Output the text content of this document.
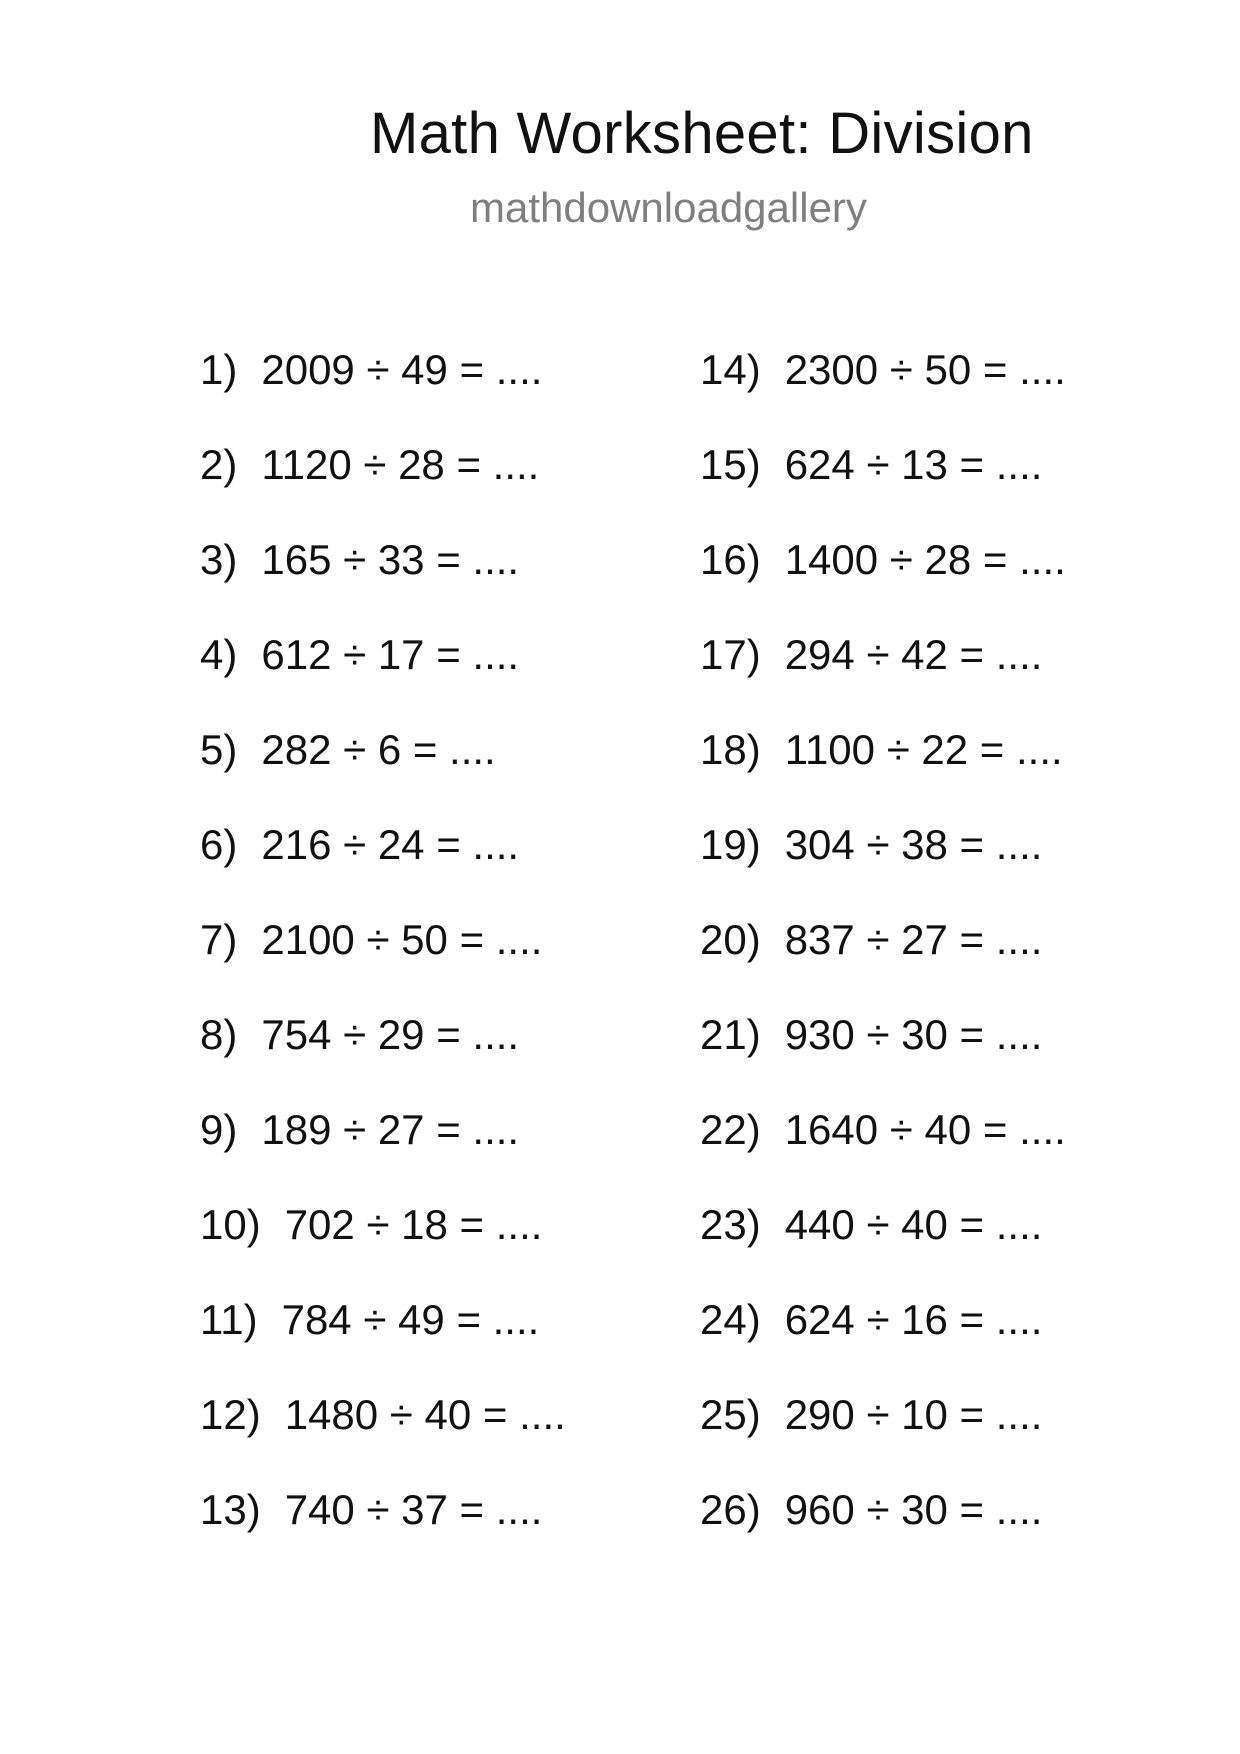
Math Worksheet: Division
mathdownloadgallery
1) 2009 ÷ 49 = ....
2) 1120 ÷ 28 = ....
3) 165 ÷ 33 = ....
4) 612 ÷ 17 = ....
5) 282 ÷ 6 = ....
6) 216 ÷ 24 = ....
7) 2100 ÷ 50 = ....
8) 754 ÷ 29 = ....
9) 189 ÷ 27 = ....
10) 702 ÷ 18 = ....
11) 784 ÷ 49 = ....
12) 1480 ÷ 40 = ....
13) 740 ÷ 37 = ....
14) 2300 ÷ 50 = ....
15) 624 ÷ 13 = ....
16) 1400 ÷ 28 = ....
17) 294 ÷ 42 = ....
18) 1100 ÷ 22 = ....
19) 304 ÷ 38 = ....
20) 837 ÷ 27 = ....
21) 930 ÷ 30 = ....
22) 1640 ÷ 40 = ....
23) 440 ÷ 40 = ....
24) 624 ÷ 16 = ....
25) 290 ÷ 10 = ....
26) 960 ÷ 30 = ....
